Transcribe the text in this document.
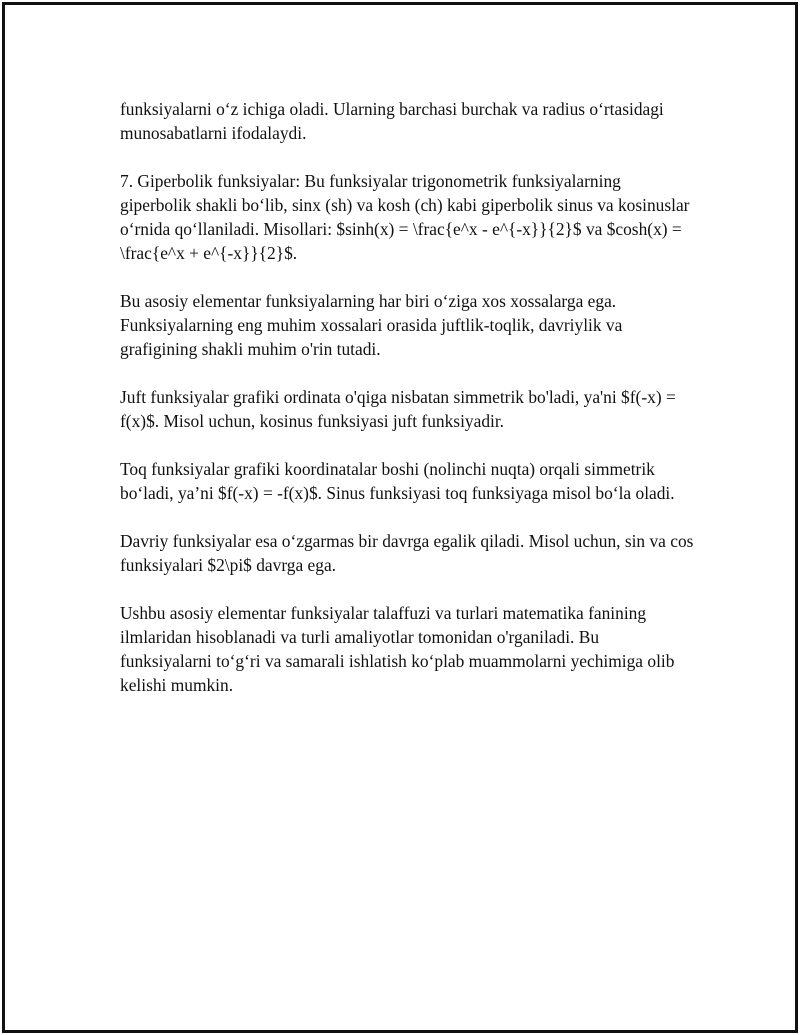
funksiyalarni o‘z ichiga oladi. Ularning barchasi burchak va radius o‘rtasidagi munosabatlarni ifodalaydi.

7. Giperbolik funksiyalar: Bu funksiyalar trigonometrik funksiyalarning giperbolik shakli bo‘lib, sinx (sh) va kosh (ch) kabi giperbolik sinus va kosinuslar o‘rnida qo‘llaniladi. Misollari: $sinh(x) = \frac{e^x - e^{-x}}{2}$ va $cosh(x) = \frac{e^x + e^{-x}}{2}$.

Bu asosiy elementar funksiyalarning har biri o‘ziga xos xossalarga ega. Funksiyalarning eng muhim xossalari orasida juftlik-toqlik, davriylik va grafigining shakli muhim o'rin tutadi.

Juft funksiyalar grafiki ordinata o'qiga nisbatan simmetrik bo'ladi, ya'ni $f(-x) = f(x)$. Misol uchun, kosinus funksiyasi juft funksiyadir.

Toq funksiyalar grafiki koordinatalar boshi (nolinchi nuqta) orqali simmetrik bo‘ladi, ya’ni $f(-x) = -f(x)$. Sinus funksiyasi toq funksiyaga misol bo‘la oladi.

Davriy funksiyalar esa o‘zgarmas bir davrga egalik qiladi. Misol uchun, sin va cos funksiyalari $2\pi$ davrga ega.

Ushbu asosiy elementar funksiyalar talaffuzi va turlari matematika fanining ilmlaridan hisoblanadi va turli amaliyotlar tomonidan o'rganiladi. Bu funksiyalarni to‘g‘ri va samarali ishlatish ko‘plab muammolarni yechimiga olib kelishi mumkin.
